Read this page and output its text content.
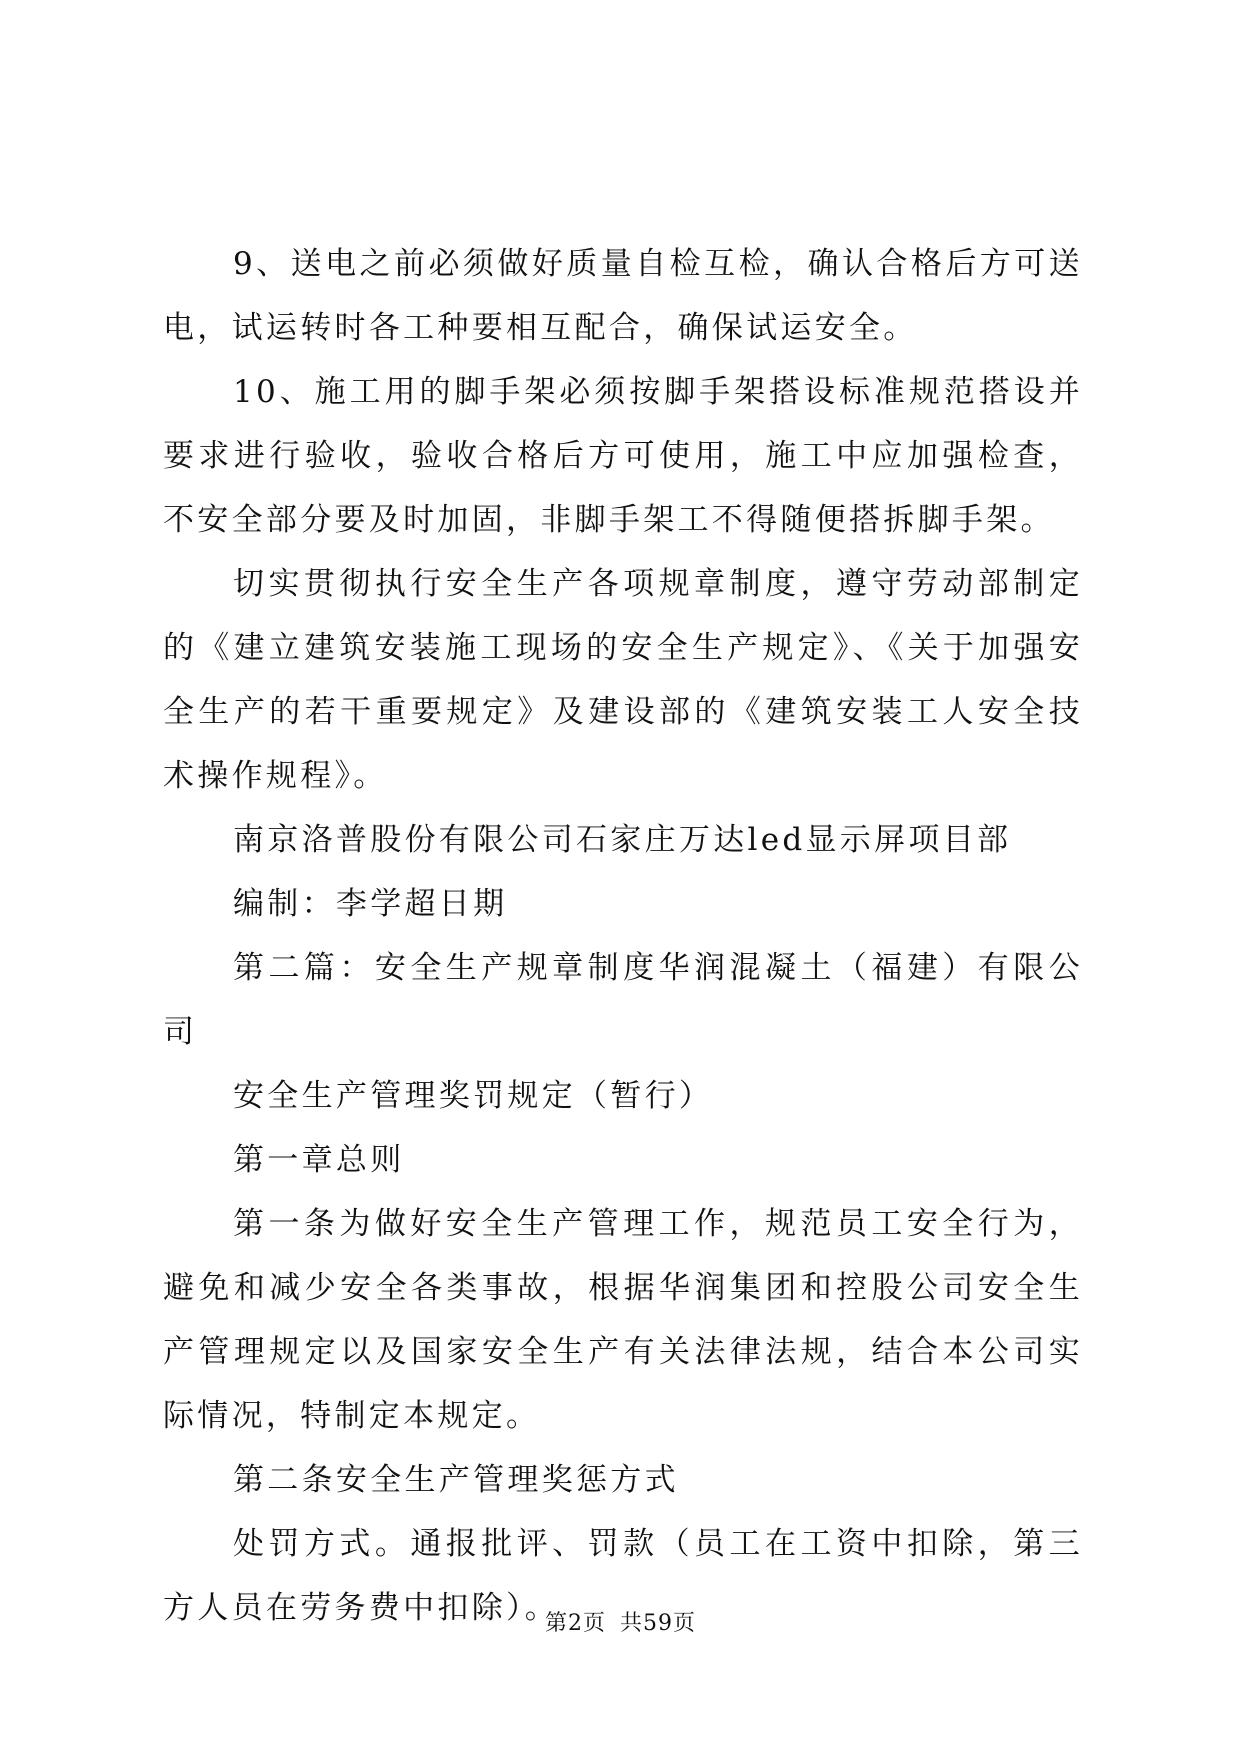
9、送电之前必须做好质量自检互检，确认合格后方可送电，试运转时各工种要相互配合，确保试运安全。

10、施工用的脚手架必须按脚手架搭设标准规范搭设并要求进行验收，验收合格后方可使用，施工中应加强检查，不安全部分要及时加固，非脚手架工不得随便搭拆脚手架。

切实贯彻执行安全生产各项规章制度，遵守劳动部制定的《建立建筑安装施工现场的安全生产规定》、《关于加强安全生产的若干重要规定》及建设部的《建筑安装工人安全技术操作规程》。

南京洛普股份有限公司石家庄万达led显示屏项目部

编制：李学超日期

第二篇：安全生产规章制度华润混凝土（福建）有限公司

安全生产管理奖罚规定（暂行）

第一章总则

第一条为做好安全生产管理工作，规范员工安全行为，避免和减少安全各类事故，根据华润集团和控股公司安全生产管理规定以及国家安全生产有关法律法规，结合本公司实际情况，特制定本规定。

第二条安全生产管理奖惩方式

处罚方式。通报批评、罚款（员工在工资中扣除，第三方人员在劳务费中扣除）。

第2页 共59页
